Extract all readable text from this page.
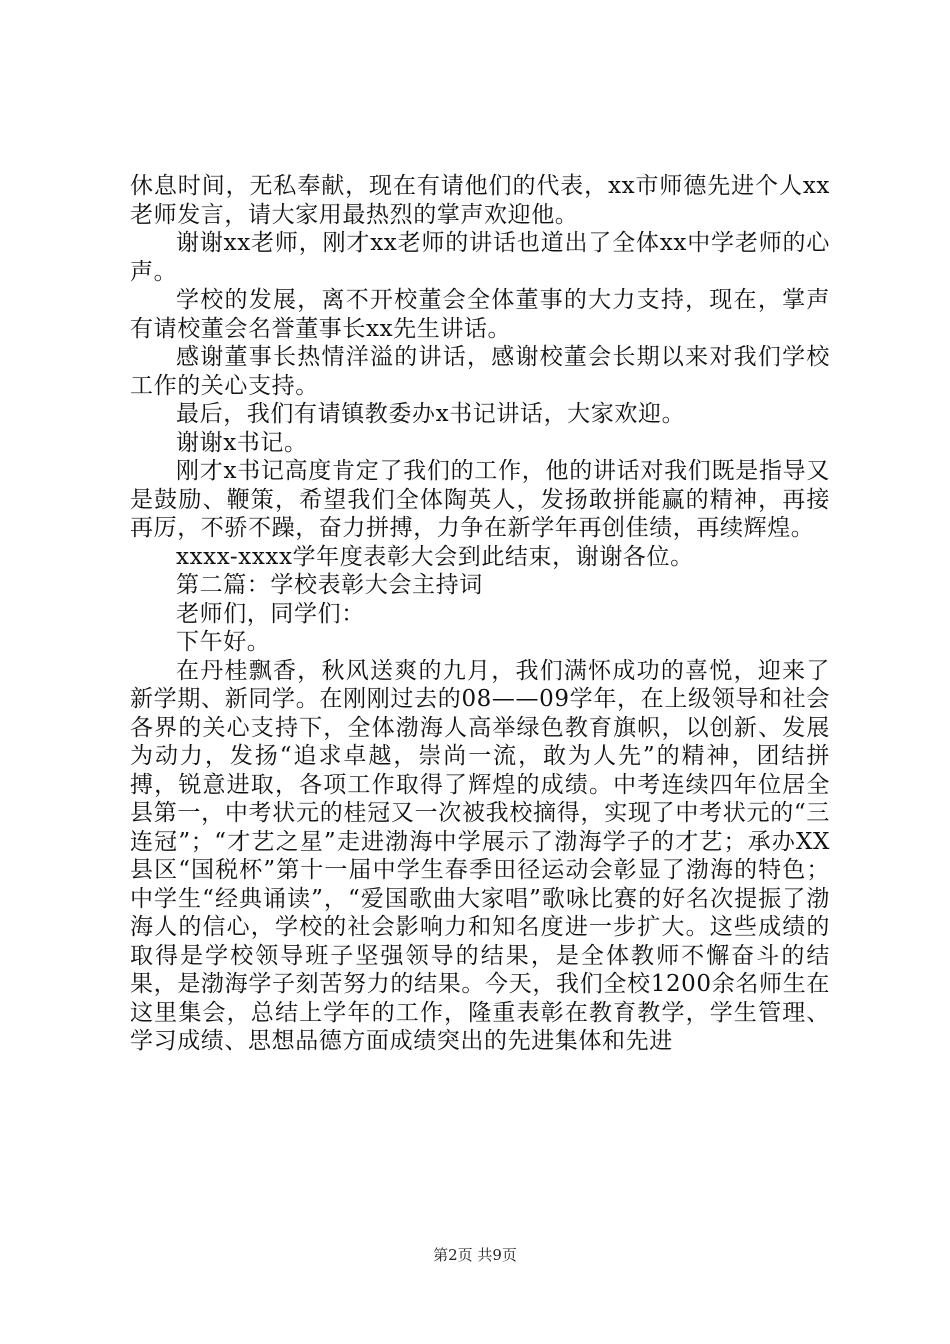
休息时间，无私奉献，现在有请他们的代表，xx市师德先进个人xx老师发言，请大家用最热烈的掌声欢迎他。

谢谢xx老师，刚才xx老师的讲话也道出了全体xx中学老师的心声。

学校的发展，离不开校董会全体董事的大力支持，现在，掌声有请校董会名誉董事长xx先生讲话。

感谢董事长热情洋溢的讲话，感谢校董会长期以来对我们学校工作的关心支持。

最后，我们有请镇教委办x书记讲话，大家欢迎。

谢谢x书记。

刚才x书记高度肯定了我们的工作，他的讲话对我们既是指导又是鼓励、鞭策，希望我们全体陶英人，发扬敢拼能赢的精神，再接再厉，不骄不躁，奋力拼搏，力争在新学年再创佳绩，再续辉煌。

xxxx-xxxx学年度表彰大会到此结束，谢谢各位。

第二篇：学校表彰大会主持词

老师们，同学们：

下午好。

在丹桂飘香，秋风送爽的九月，我们满怀成功的喜悦，迎来了新学期、新同学。在刚刚过去的08——09学年，在上级领导和社会各界的关心支持下，全体渤海人高举绿色教育旗帜，以创新、发展为动力，发扬“追求卓越，崇尚一流，敢为人先”的精神，团结拼搏，锐意进取，各项工作取得了辉煌的成绩。中考连续四年位居全县第一，中考状元的桂冠又一次被我校摘得，实现了中考状元的“三连冠”；“才艺之星”走进渤海中学展示了渤海学子的才艺；承办XX县区“国税杯”第十一届中学生春季田径运动会彰显了渤海的特色；中学生“经典诵读”，“爱国歌曲大家唱”歌咏比赛的好名次提振了渤海人的信心，学校的社会影响力和知名度进一步扩大。这些成绩的取得是学校领导班子坚强领导的结果，是全体教师不懈奋斗的结果，是渤海学子刻苦努力的结果。今天，我们全校1200余名师生在这里集会，总结上学年的工作，隆重表彰在教育教学，学生管理、学习成绩、思想品德方面成绩突出的先进集体和先进

第2页 共9页
